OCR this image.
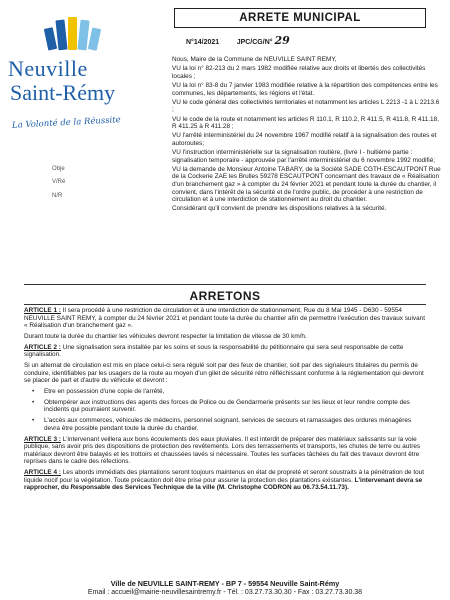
Neuville
Saint-Rémy
La Volonté de la Réussite
Obje
V/Ré
N/R
ARRETE MUNICIPAL
N°14/2021	JPC/CG/N° 29

Nous, Maire de la Commune de NEUVILLE SAINT REMY,

VU la loi n° 82-213 du 2 mars 1982 modifiée relative aux droits et libertés des collectivités locales ;

VU la loi n° 83-8 du 7 janvier 1983 modifiée relative à la répartition des compétences entre les communes, les départements, les régions et l'état.

VU le code général des collectivités territoriales et notamment les articles L 2213 -1 à L 2213.6 ;

VU le code de la route et notamment les articles R 110.1, R 110.2, R 411.5, R 411.8, R 411.18, R 411.25 à R 411.28 ;

VU l'arrêté interministériel du 24 novembre 1967 modifié relatif à la signalisation des routes et autoroutes;

VU l'instruction interministérielle sur la signalisation routière, (livre I - huitième partie : signalisation temporaire - approuvée par l'arrêté interministériel du 6 novembre 1992 modifié;

VU la demande de Monsieur Antoine TABARY, de la Société SADE CGTH-ESCAUTPONT Rue de la Cockerie ZAE les Brulles 59278 ESCAUTPONT concernant des travaux de « Réalisation d'un branchement gaz » à compter du 24 février 2021 et pendant toute la durée du chantier, il convient, dans l'intérêt de la sécurité et de l'ordre public, de procéder à une restriction de circulation et à une interdiction de stationnement au droit du chantier.

Considérant qu'il convient de prendre les dispositions relatives à la sécurité.

ARRETONS

ARTICLE 1 : Il sera procédé à une restriction de circulation et à une interdiction de stationnement, Rue du 8 Mai 1945 - D630 - 59554 NEUVILLE SAINT REMY, à compter du 24 février 2021 et pendant toute la durée du chantier afin de permettre l'exécution des travaux suivant « Réalisation d'un branchement gaz ».

Durant toute la durée du chantier les véhicules devront respecter la limitation de vitesse de 30 km/h.

ARTICLE 2 : Une signalisation sera installée par les soins et sous la responsabilité du pétitionnaire qui sera seul responsable de cette signalisation.

Si un alternat de circulation est mis en place celui-ci sera régulé soit par des feux de chantier, soit par des signaleurs titulaires du permis de conduire, identifiables par les usagers de la route au moyen d'un gilet de sécurité rétro réfléchissant conforme à la réglementation qui devront se placer de part et d'autre du véhicule et devront :

• Etre en possession d'une copie de l'arrêté,

• Obtempérer aux instructions des agents des forces de Police ou de Gendarmerie présents sur les lieux et leur rendre compte des incidents qui pourraient survenir.

• L'accès aux commerces, véhicules de médecins, personnel soignant, services de secours et ramassages des ordures ménagères devra être possible pendant toute la durée du chantier.

ARTICLE 3 : L'intervenant veillera aux bons écoulements des eaux pluviales. Il est interdit de préparer des matériaux salissants sur la voie publique, sans avoir pris des dispositions de protection des revêtements. Lors des terrassements et transports, les chutes de terre ou autres matériaux devront être balayés et les trottoirs et chaussées lavés si nécessaire. Toutes les surfaces tâchées du fait des travaux devront être reprises dans le cadre des réfections.

ARTICLE 4 : Les abords immédiats des plantations seront toujours maintenus en état de propreté et seront soustraits à la pénétration de tout liquide nocif pour la végétation. Toute précaution doit être prise pour assurer la protection des plantations existantes. L'intervenant devra se rapprocher, du Responsable des Services Technique de la ville (M. Christophe CODRON au 06.73.54.11.73).

Ville de NEUVILLE SAINT-REMY - BP 7 - 59554 Neuville Saint-Rémy
Email : accueil@mairie-neuvillesaintremy.fr - Tél. : 03.27.73.30.30 - Fax : 03.27.73.30.38
